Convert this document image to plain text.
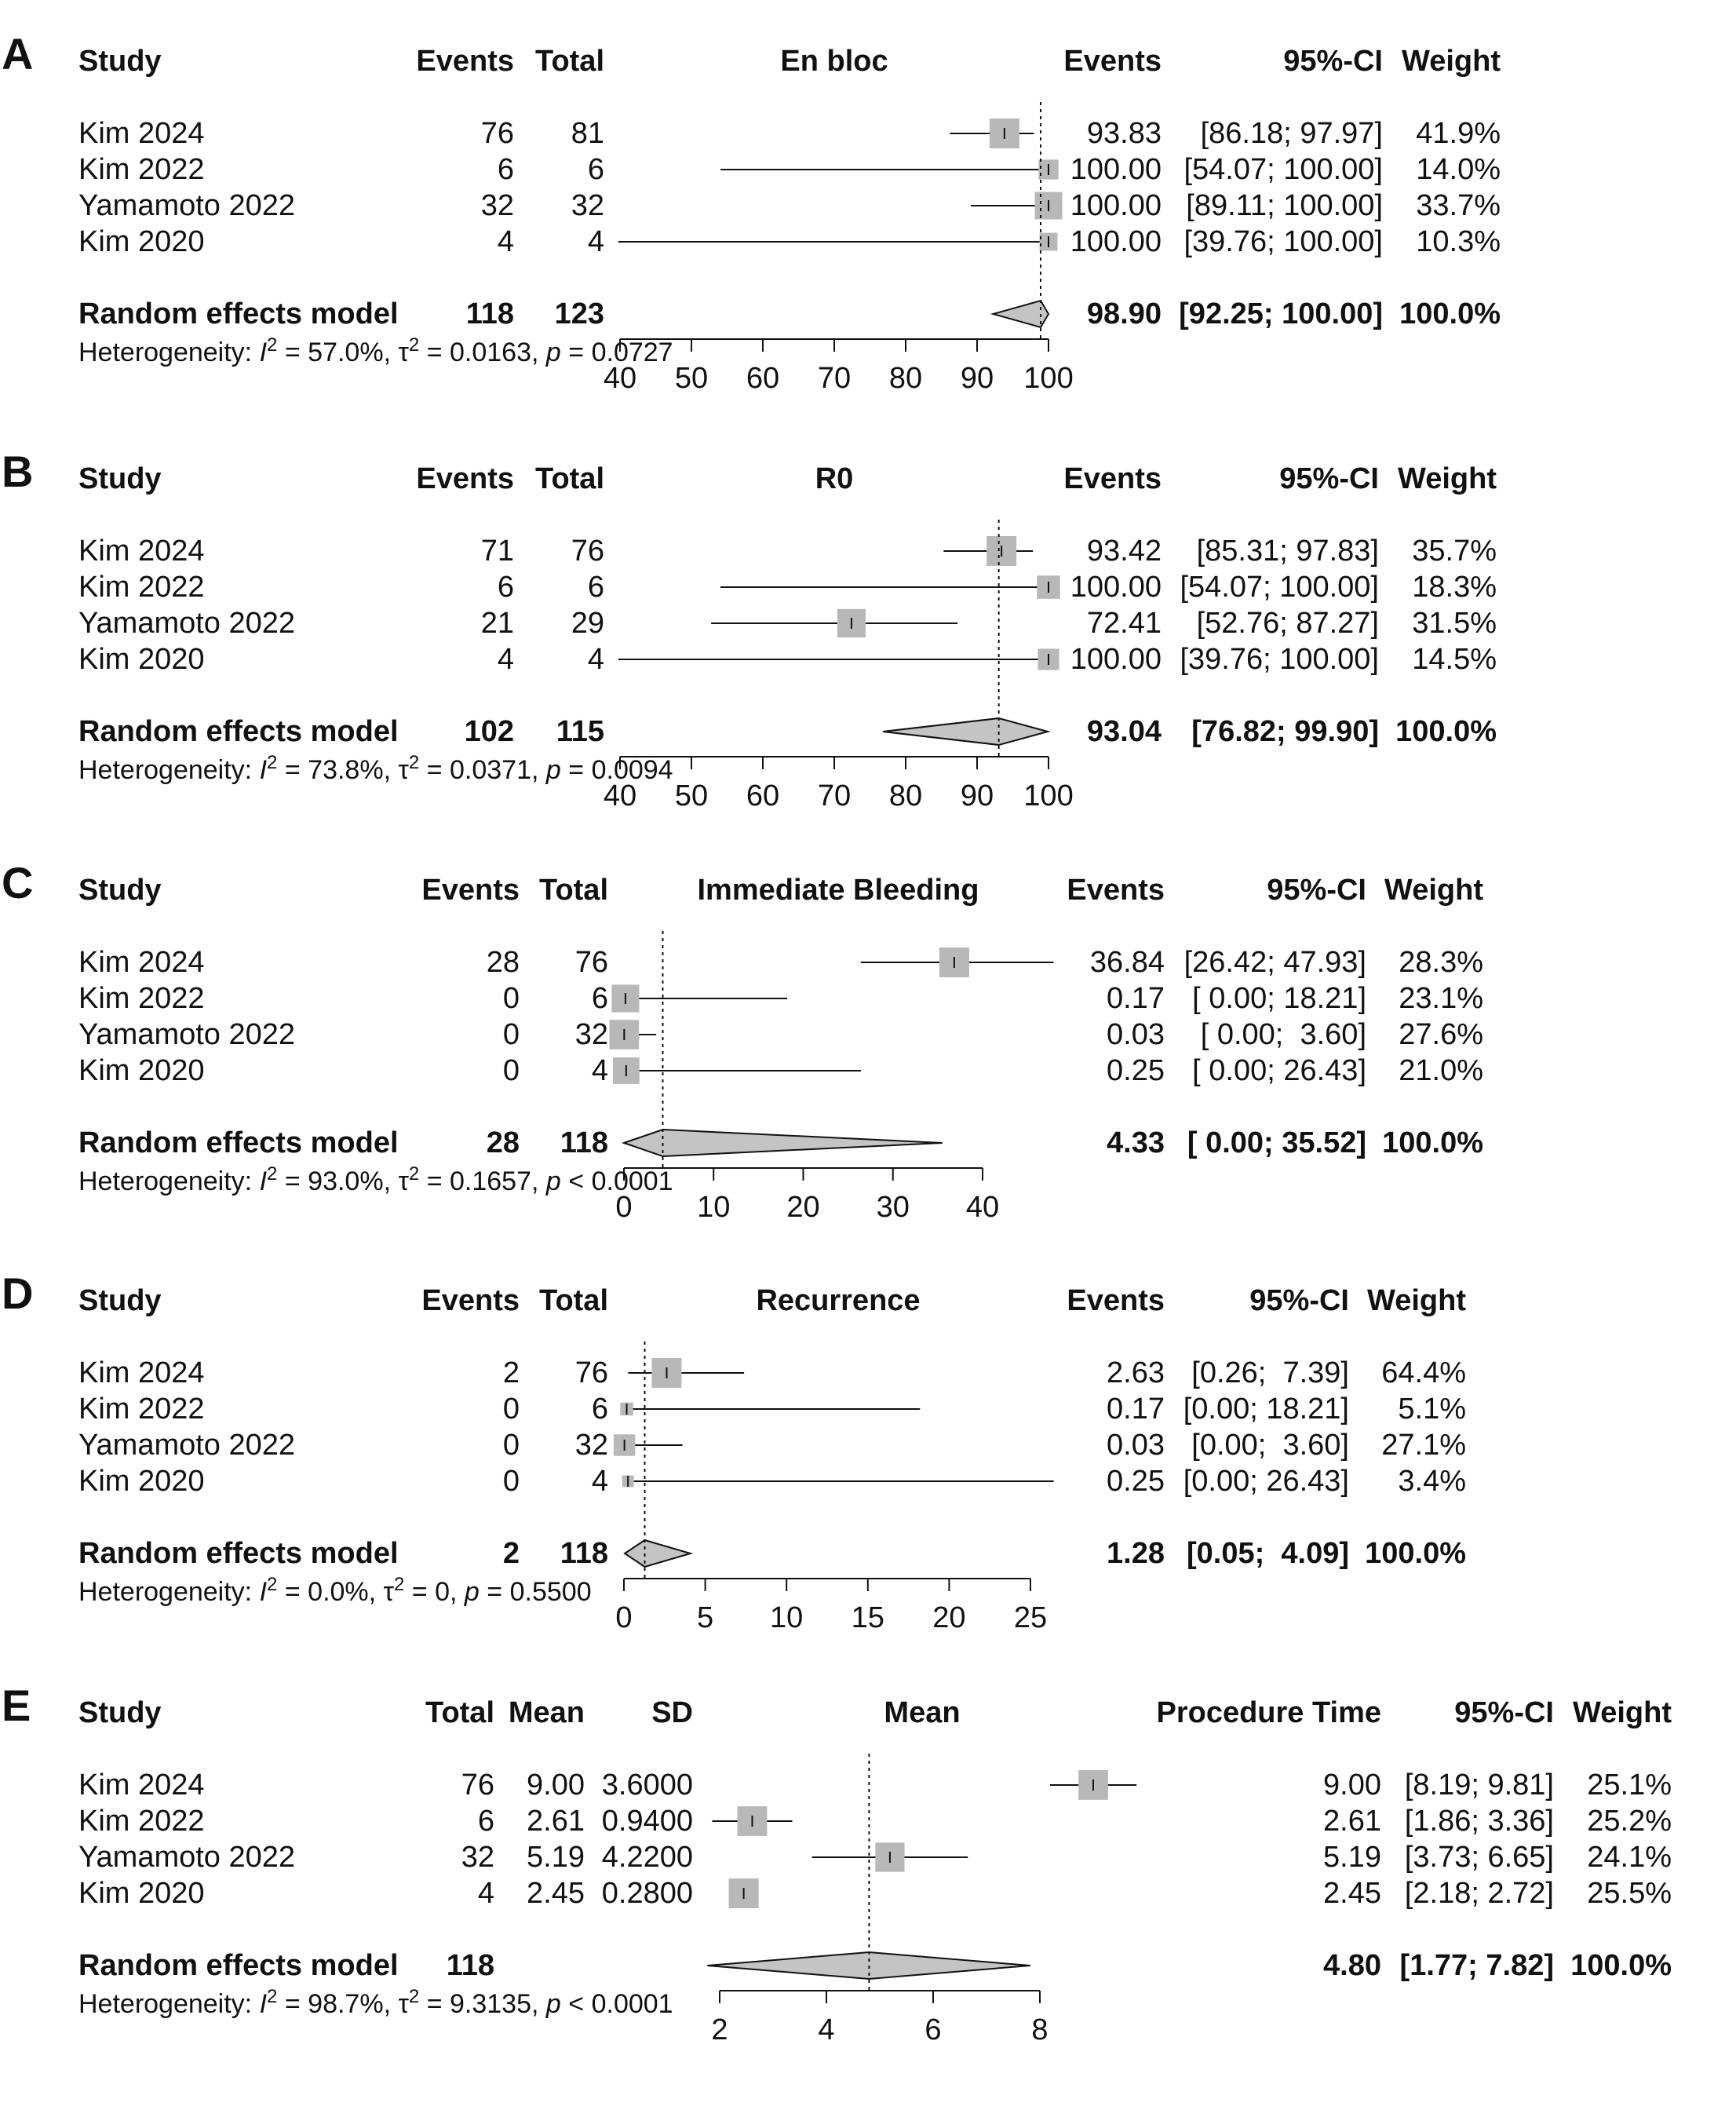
A Study	Events Total	En bloc	Events	95%-CI Weight
Kim 2024	76 81	93.83 [86.18; 97.97] 41.9%
Kim 2022	6 6	100.00 [54.07; 100.00] 14.0%
Yamamoto 2022	32 32	100.00 [89.11; 100.00] 33.7%
Kim 2020	4 4	100.00 [39.76; 100.00] 10.3%
Random effects model 118 123	98.90 [92.25; 100.00] 100.0%
40 50 60 70 80 90 100
Heterogeneity: $I^2 = 57.0\%$, $\tau^2 = 0.0163$, p = 0.0727
B Study	Events Total	R0	Events	95%-CI Weight
Kim 2024	71 76	93.42 [85.31; 97.83] 35.7%
Kim 2022	6 6	100.00 [54.07; 100.00] 18.3%
Yamamoto 2022	21 29	72.41 [52.76; 87.27] 31.5%
Kim 2020	4 4	100.00 [39.76; 100.00] 14.5%
Random effects model 102 115	93.04 [76.82; 99.90] 100.0%
40 50 60 70 80 90 100
Heterogeneity: $I^2 = 73.8\%$, $\tau^2 = 0.0371$, p = 0.0094
C Study	Events Total	Immediate Bleeding	Events	95%-CI Weight
Kim 2024	28 76	36.84 [26.42; 47.93] 28.3%
Kim 2022	0 6	0.17 [ 0.00; 18.21] 23.1%
Yamamoto 2022	0 32	0.03 [ 0.00;  3.60] 27.6%
Kim 2020	0 4	0.25 [ 0.00; 26.43] 21.0%
Random effects model	28 118	4.33 [ 0.00; 35.52] 100.0%
0 10 20 30 40
Heterogeneity: $I^2 = 93.0\%$, $\tau^2 = 0.1657$, p < 0.0001
D Study	Events Total	Recurrence	Events	95%-CI Weight
Kim 2024	2 76	2.63 [0.26;  7.39] 64.4%
Kim 2022	0 6	0.17 [0.00; 18.21] 5.1%
Yamamoto 2022	0 32	0.03 [0.00;  3.60] 27.1%
Kim 2020	0 4	0.25 [0.00; 26.43] 3.4%
Random effects model	2 118	1.28 [0.05;  4.09] 100.0%
0 5 10 15 20 25
Heterogeneity: $I^2 = 0.0\%$, $\tau^2 = 0$, p = 0.5500
E Study	Total Mean SD	Mean	Procedure Time 95%-CI Weight
Kim 2024	76 9.00 3.6000	9.00 [8.19; 9.81] 25.1%
Kim 2022	6 2.61 0.9400	2.61 [1.86; 3.36] 25.2%
Yamamoto 2022	32 5.19 4.2200	5.19 [3.73; 6.65] 24.1%
Kim 2020	4 2.45 0.2800	2.45 [2.18; 2.72] 25.5%
Random effects model 118	4.80 [1.77; 7.82] 100.0%
2	4	6	8
Heterogeneity: $I^2 = 98.7\%$, $\tau^2 = 9.3135$, p < 0.0001
